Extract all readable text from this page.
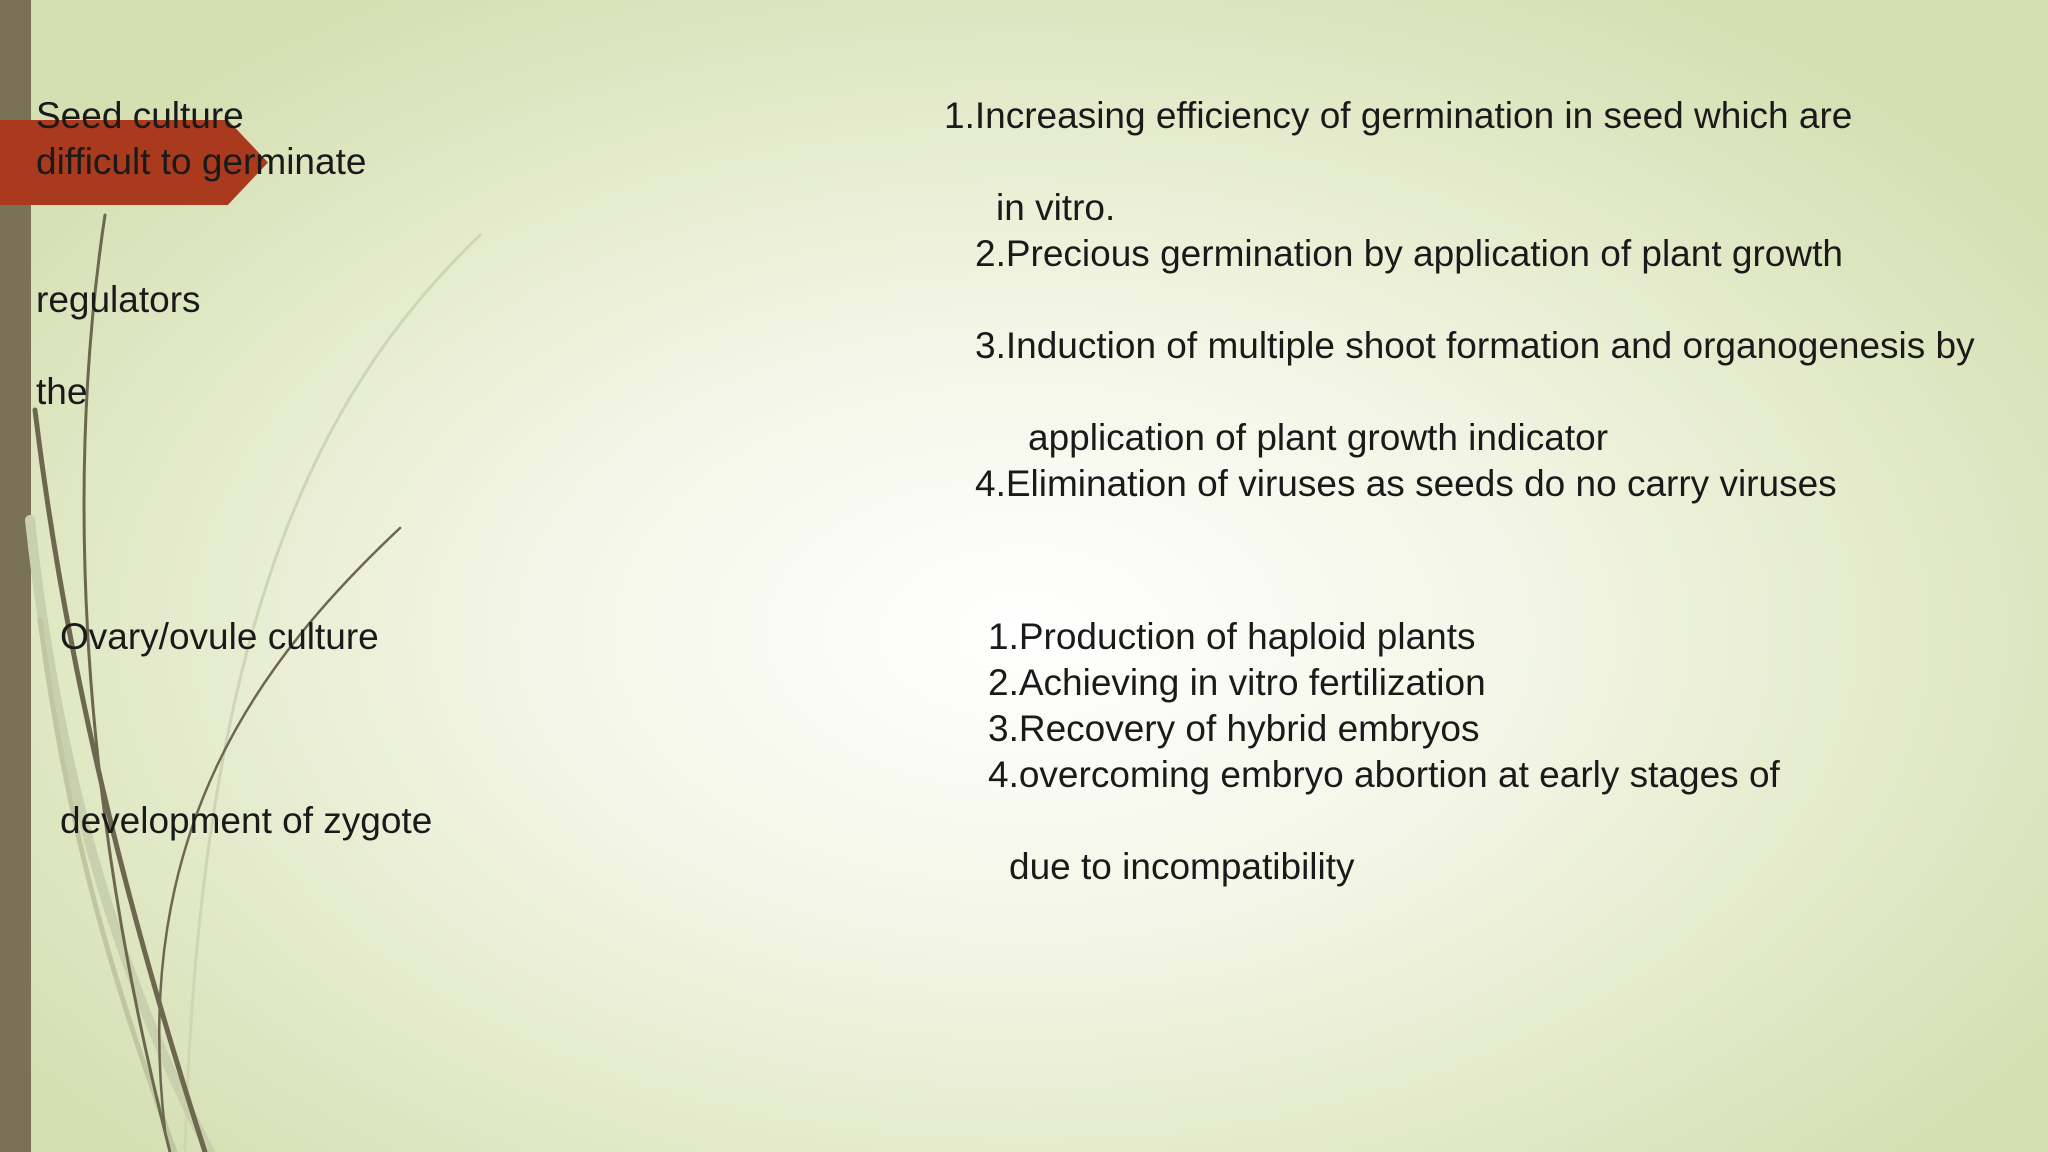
Seed culture

difficult to germinate

regulators

the

Ovary/ovule culture

development of zygote

1.Increasing efficiency of germination in seed which are

in vitro.

2.Precious germination by application of plant growth

3.Induction of multiple shoot formation and organogenesis by

application of plant growth indicator

4.Elimination of viruses as seeds do no carry viruses

1.Production of haploid plants

2.Achieving in vitro fertilization

3.Recovery of hybrid embryos

4.overcoming embryo abortion at early stages of

due to incompatibility
